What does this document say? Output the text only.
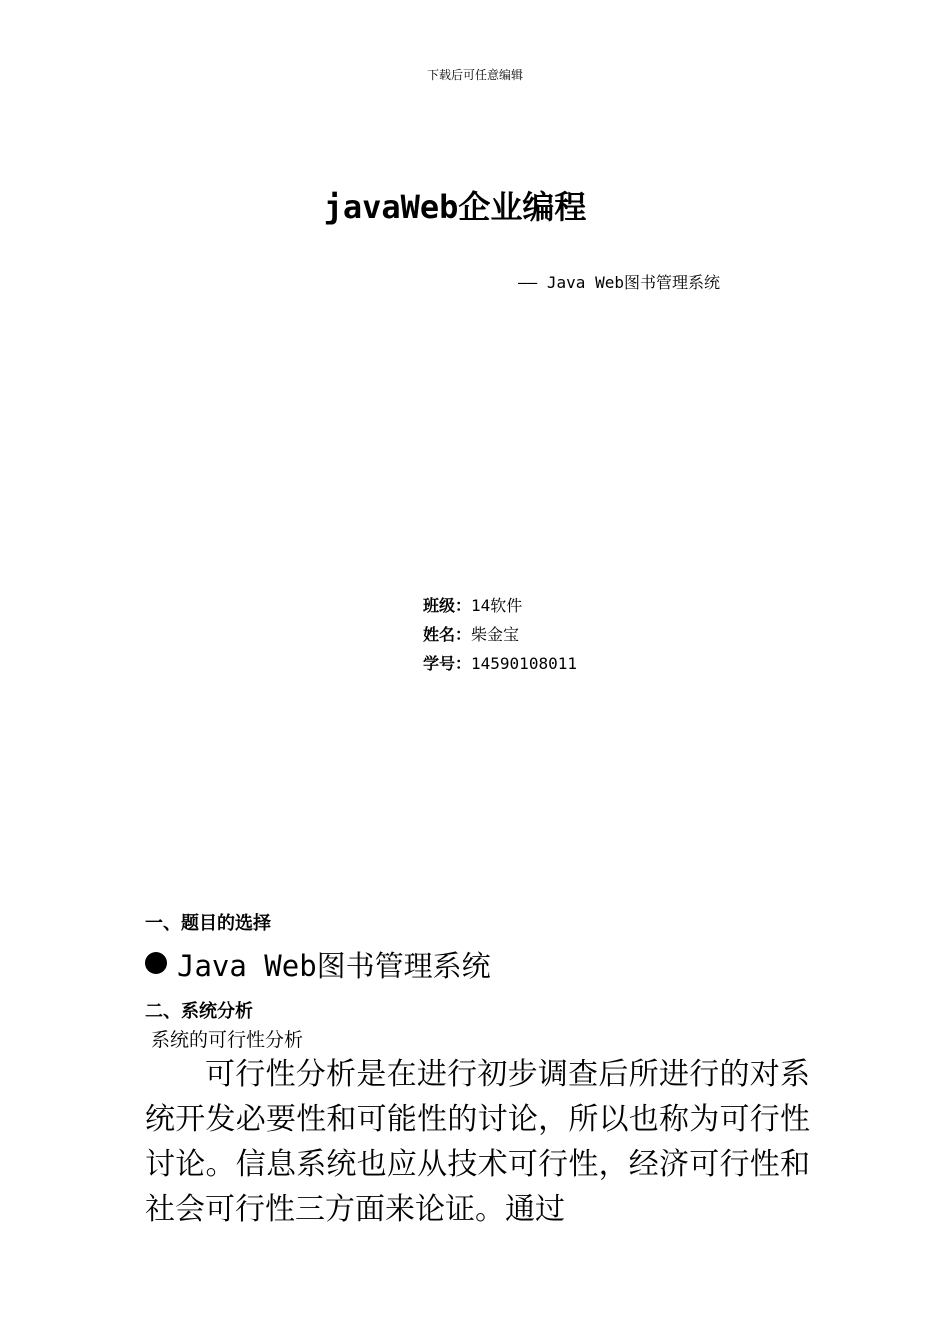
下载后可任意编辑
javaWeb企业编程
—— Java Web图书管理系统
班级：14软件
姓名：柴金宝
学号：14590108011
一、题目的选择
Java Web图书管理系统
二、系统分析
系统的可行性分析
可行性分析是在进行初步调查后所进行的对系统开发必要性和可能性的讨论，所以也称为可行性讨论。信息系统也应从技术可行性，经济可行性和社会可行性三方面来论证。通过
